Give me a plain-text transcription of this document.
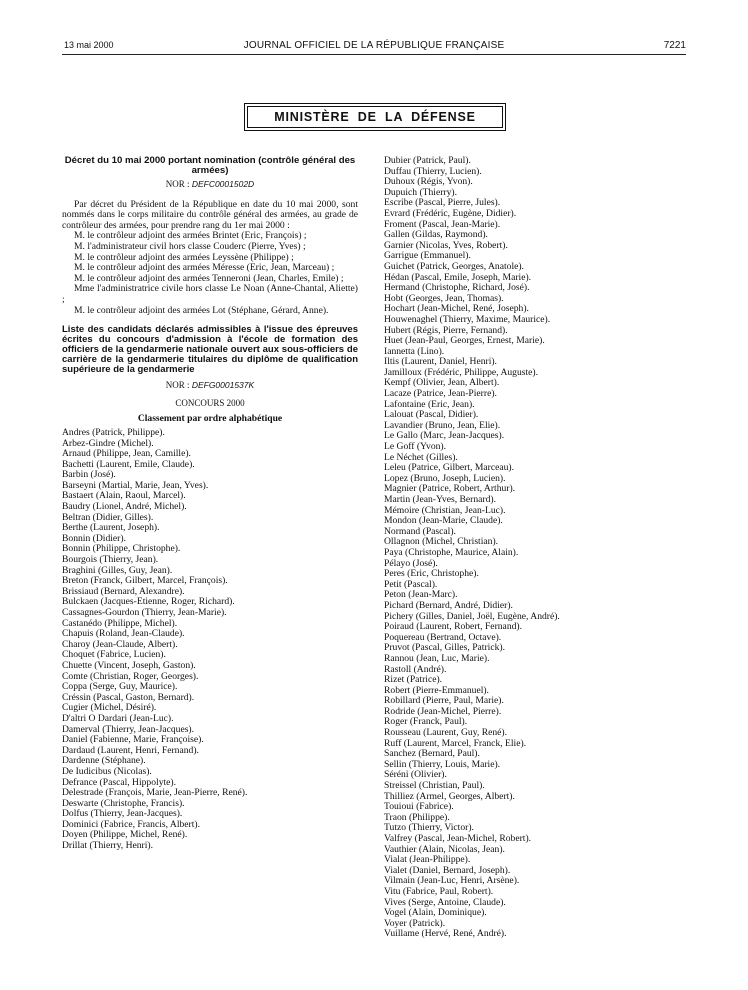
13 mai 2000	JOURNAL OFFICIEL DE LA RÉPUBLIQUE FRANÇAISE	7221
MINISTÈRE DE LA DÉFENSE

Décret du 10 mai 2000 portant nomination (contrôle général des armées)

NOR : DEFC0001502D

Par décret du Président de la République en date du 10 mai 2000, sont nommés dans le corps militaire du contrôle général des armées, au grade de contrôleur des armées, pour prendre rang du 1er mai 2000 :

M. le contrôleur adjoint des armées Brintet (Eric, François) ;
M. l'administrateur civil hors classe Couderc (Pierre, Yves) ;
M. le contrôleur adjoint des armées Leyssène (Philippe) ;
M. le contrôleur adjoint des armées Méresse (Eric, Jean, Marceau) ;
M. le contrôleur adjoint des armées Tenneroni (Jean, Charles, Emile) ;
Mme l'administratrice civile hors classe Le Noan (Anne-Chantal, Aliette) ;
M. le contrôleur adjoint des armées Lot (Stéphane, Gérard, Anne).

Liste des candidats déclarés admissibles à l'issue des épreuves écrites du concours d'admission à l'école de formation des officiers de la gendarmerie nationale ouvert aux sous-officiers de carrière de la gendarmerie titulaires du diplôme de qualification supérieure de la gendarmerie

NOR : DEFG0001537K
CONCOURS 2000
Classement par ordre alphabétique
Andres (Patrick, Philippe).
Arbez-Gindre (Michel).
Arnaud (Philippe, Jean, Camille).
Bachetti (Laurent, Emile, Claude).
Barbin (José).
Barseyni (Martial, Marie, Jean, Yves).
Bastaert (Alain, Raoul, Marcel).
Baudry (Lionel, André, Michel).
Beltran (Didier, Gilles).
Berthe (Laurent, Joseph).
Bonnin (Didier).
Bonnin (Philippe, Christophe).
Bourgois (Thierry, Jean).
Braghini (Gilles, Guy, Jean).
Breton (Franck, Gilbert, Marcel, François).
Brissiaud (Bernard, Alexandre).
Bulckaen (Jacques-Etienne, Roger, Richard).
Cassagnes-Gourdon (Thierry, Jean-Marie).
Castanédo (Philippe, Michel).
Chapuis (Roland, Jean-Claude).
Charoy (Jean-Claude, Albert).
Choquet (Fabrice, Lucien).
Chuette (Vincent, Joseph, Gaston).
Comte (Christian, Roger, Georges).
Coppa (Serge, Guy, Maurice).
Créssin (Pascal, Gaston, Bernard).
Cugier (Michel, Désiré).
D'altri O Dardari (Jean-Luc).
Damerval (Thierry, Jean-Jacques).
Daniel (Fabienne, Marie, Françoise).
Dardaud (Laurent, Henri, Fernand).
Dardenne (Stéphane).
De Iudicibus (Nicolas).
Defrance (Pascal, Hippolyte).
Delestrade (François, Marie, Jean-Pierre, René).
Deswarte (Christophe, Francis).
Dolfus (Thierry, Jean-Jacques).
Dominici (Fabrice, Francis, Albert).
Doyen (Philippe, Michel, René).
Drillat (Thierry, Henri).
Dubier (Patrick, Paul).
Duffau (Thierry, Lucien).
Duhoux (Régis, Yvon).
Dupuich (Thierry).
Escribe (Pascal, Pierre, Jules).
Evrard (Frédéric, Eugène, Didier).
Froment (Pascal, Jean-Marie).
Gallen (Gildas, Raymond).
Garnier (Nicolas, Yves, Robert).
Garrigue (Emmanuel).
Guichet (Patrick, Georges, Anatole).
Hédan (Pascal, Emile, Joseph, Marie).
Hermand (Christophe, Richard, José).
Hobt (Georges, Jean, Thomas).
Hochart (Jean-Michel, René, Joseph).
Houwenaghel (Thierry, Maxime, Maurice).
Hubert (Régis, Pierre, Fernand).
Huet (Jean-Paul, Georges, Ernest, Marie).
Iannetta (Lino).
Iltis (Laurent, Daniel, Henri).
Jamilloux (Frédéric, Philippe, Auguste).
Kempf (Olivier, Jean, Albert).
Lacaze (Patrice, Jean-Pierre).
Lafontaine (Eric, Jean).
Lalouat (Pascal, Didier).
Lavandier (Bruno, Jean, Elie).
Le Gallo (Marc, Jean-Jacques).
Le Goff (Yvon).
Le Néchet (Gilles).
Leleu (Patrice, Gilbert, Marceau).
Lopez (Bruno, Joseph, Lucien).
Magnier (Patrice, Robert, Arthur).
Martin (Jean-Yves, Bernard).
Mémoire (Christian, Jean-Luc).
Mondon (Jean-Marie, Claude).
Normand (Pascal).
Ollagnon (Michel, Christian).
Paya (Christophe, Maurice, Alain).
Pélayo (José).
Peres (Eric, Christophe).
Petit (Pascal).
Peton (Jean-Marc).
Pichard (Bernard, André, Didier).
Pichery (Gilles, Daniel, Joël, Eugène, André).
Poiraud (Laurent, Robert, Fernand).
Poquereau (Bertrand, Octave).
Pruvot (Pascal, Gilles, Patrick).
Rannou (Jean, Luc, Marie).
Rastoll (André).
Rizet (Patrice).
Robert (Pierre-Emmanuel).
Robillard (Pierre, Paul, Marie).
Rodride (Jean-Michel, Pierre).
Roger (Franck, Paul).
Rousseau (Laurent, Guy, René).
Ruff (Laurent, Marcel, Franck, Elie).
Sanchez (Bernard, Paul).
Sellin (Thierry, Louis, Marie).
Séréni (Olivier).
Streissel (Christian, Paul).
Thilliez (Armel, Georges, Albert).
Touioui (Fabrice).
Traon (Philippe).
Tutzo (Thierry, Victor).
Valfrey (Pascal, Jean-Michel, Robert).
Vauthier (Alain, Nicolas, Jean).
Vialat (Jean-Philippe).
Vialet (Daniel, Bernard, Joseph).
Vilmain (Jean-Luc, Henri, Arsène).
Vitu (Fabrice, Paul, Robert).
Vives (Serge, Antoine, Claude).
Vogel (Alain, Dominique).
Voyer (Patrick).
Vuillame (Hervé, René, André).
